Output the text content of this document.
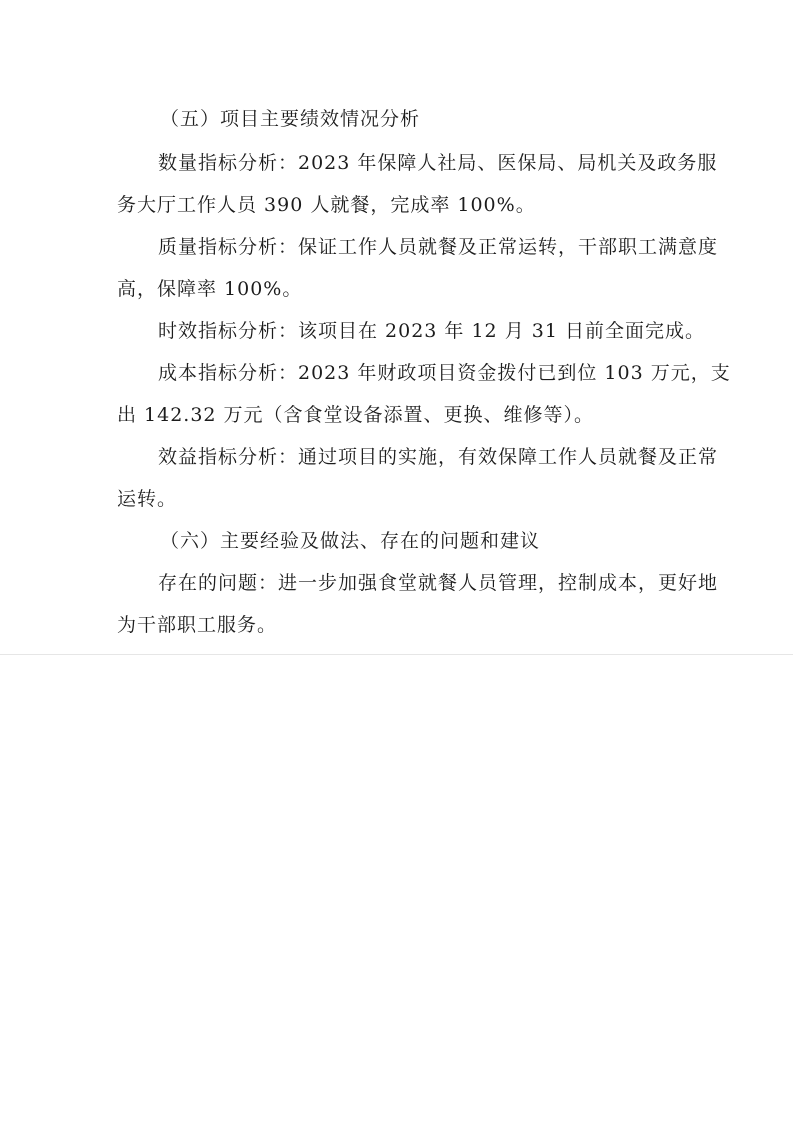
（五）项目主要绩效情况分析
数量指标分析：2023 年保障人社局、医保局、局机关及政务服
务大厅工作人员 390 人就餐，完成率 100%。
质量指标分析：保证工作人员就餐及正常运转，干部职工满意度
高，保障率 100%。
时效指标分析：该项目在 2023 年 12 月 31 日前全面完成。
成本指标分析：2023 年财政项目资金拨付已到位 103 万元，支
出 142.32 万元（含食堂设备添置、更换、维修等）。
效益指标分析：通过项目的实施，有效保障工作人员就餐及正常
运转。
（六）主要经验及做法、存在的问题和建议
存在的问题：进一步加强食堂就餐人员管理，控制成本，更好地
为干部职工服务。
